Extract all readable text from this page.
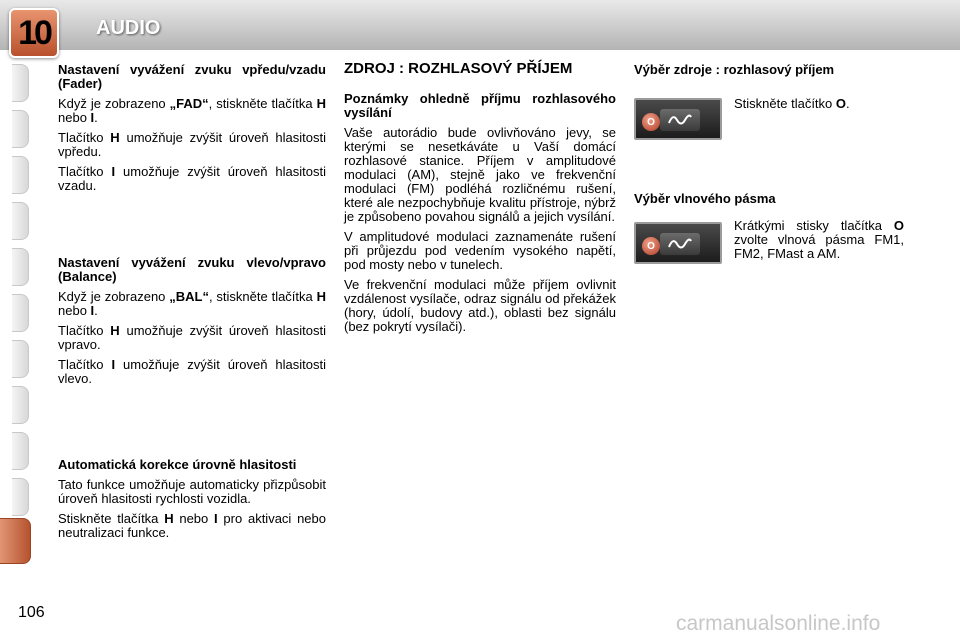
10	AUDIO
106
Nastavení vyvážení zvuku vpředu/vzadu (Fader)

Když je zobrazeno „FAD“, stiskněte tlačítka H nebo I.

Tlačítko H umožňuje zvýšit úroveň hlasitosti vpředu.

Tlačítko I umožňuje zvýšit úroveň hlasitosti vzadu.

Nastavení vyvážení zvuku vlevo/vpravo (Balance)

Když je zobrazeno „BAL“, stiskněte tlačítka H nebo I.

Tlačítko H umožňuje zvýšit úroveň hlasitosti vpravo.

Tlačítko I umožňuje zvýšit úroveň hlasitosti vlevo.

Automatická korekce úrovně hlasitosti

Tato funkce umožňuje automaticky přizpůsobit úroveň hlasitosti rychlosti vozidla.

Stiskněte tlačítka H nebo I pro aktivaci nebo neutralizaci funkce.

ZDROJ : ROZHLASOVÝ PŘÍJEM
Poznámky ohledně příjmu rozhlasového vysílání

Vaše autorádio bude ovlivňováno jevy, se kterými se nesetkáváte u Vaší domácí rozhlasové stanice. Příjem v amplitudové modulaci (AM), stejně jako ve frekvenční modulaci (FM) podléhá rozličnému rušení, které ale nezpochybňuje kvalitu přístroje, nýbrž je způsobeno povahou signálů a jejich vysílání.

V amplitudové modulaci zaznamenáte rušení při průjezdu pod vedením vysokého napětí, pod mosty nebo v tunelech.

Ve frekvenční modulaci může příjem ovlivnit vzdálenost vysílače, odraz signálu od překážek (hory, údolí, budovy atd.), oblasti bez signálu (bez pokrytí vysílači).

Výběr zdroje : rozhlasový příjem
O
Stiskněte tlačítko O.
Výběr vlnového pásma
O
Krátkými stisky tlačítka O zvolte vlnová pásma FM1, FM2, FMast a AM.
carmanualsonline.info
